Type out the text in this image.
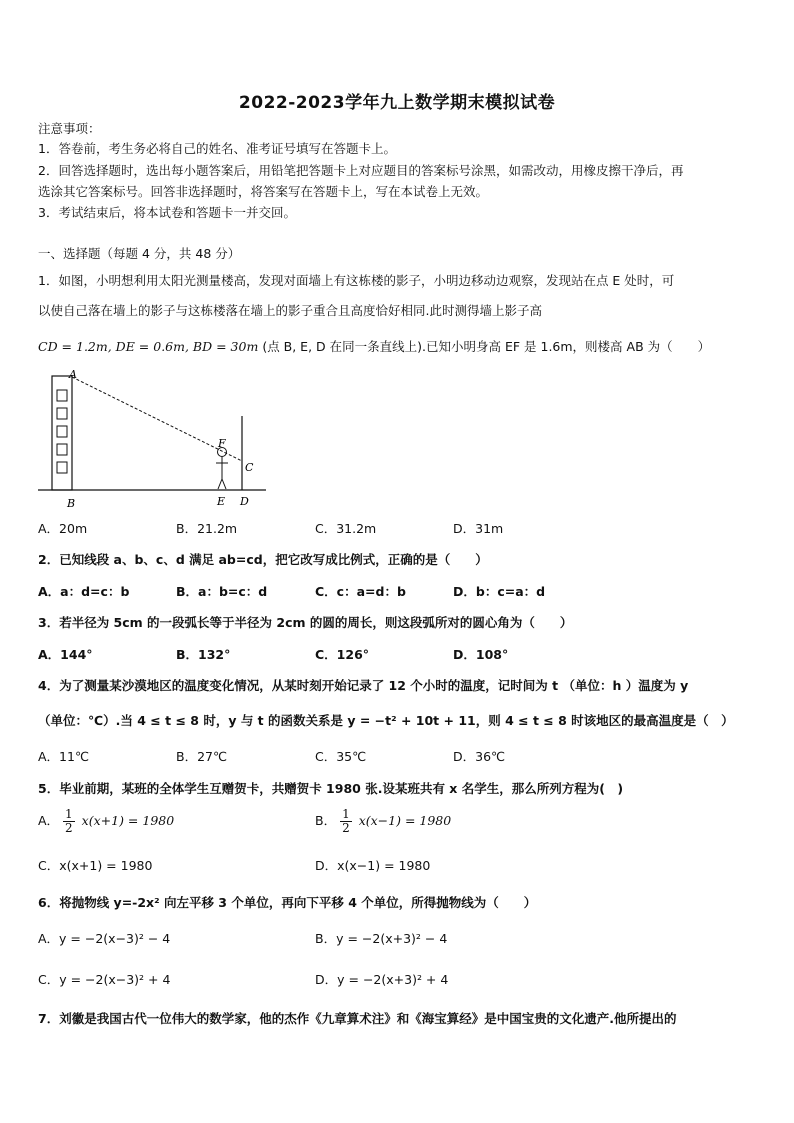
2022-2023学年九上数学期末模拟试卷
注意事项：
1．答卷前，考生务必将自己的姓名、准考证号填写在答题卡上。
2．回答选择题时，选出每小题答案后，用铅笔把答题卡上对应题目的答案标号涂黑，如需改动，用橡皮擦干净后，再
选涂其它答案标号。回答非选择题时，将答案写在答题卡上，写在本试卷上无效。
3．考试结束后，将本试卷和答题卡一并交回。
一、选择题（每题 4 分，共 48 分）
1．如图，小明想利用太阳光测量楼高，发现对面墙上有这栋楼的影子，小明边移动边观察，发现站在点 E 处时，可
以使自己落在墙上的影子与这栋楼落在墙上的影子重合且高度恰好相同.此时测得墙上影子高
CD = 1.2m, DE = 0.6m, BD = 30m (点 B, E, D 在同一条直线上).已知小明身高 EF 是 1.6m，则楼高 AB 为（　　）
A
B
C
D
E
F
A．20m	B．21.2m	C．31.2m	D．31m
2．已知线段 a、b、c、d 满足 ab=cd，把它改写成比例式，正确的是（　　）
A．a：d=c：b	B．a：b=c：d	C．c：a=d：b	D．b：c=a：d
3．若半径为 5cm 的一段弧长等于半径为 2cm 的圆的周长，则这段弧所对的圆心角为（　　）
A．144°	B．132°	C．126°	D．108°
4．为了测量某沙漠地区的温度变化情况，从某时刻开始记录了 12 个小时的温度，记时间为 t （单位：h ）温度为 y
（单位：℃）.当 4 ≤ t ≤ 8 时，y 与 t 的函数关系是 y = −t² + 10t + 11，则 4 ≤ t ≤ 8 时该地区的最高温度是（　）
A．11℃	B．27℃	C．35℃	D．36℃
5．毕业前期，某班的全体学生互赠贺卡，共赠贺卡 1980 张.设某班共有 x 名学生，那么所列方程为(　)
A． $\frac{1}{2} x(x+1) = 1980$	B． $\frac{1}{2} x(x-1) = 1980$
C．x(x+1) = 1980	D．x(x−1) = 1980
6．将抛物线 y=-2x² 向左平移 3 个单位，再向下平移 4 个单位，所得抛物线为（　　）
A．y = −2(x−3)² − 4	B．y = −2(x+3)² − 4
C．y = −2(x−3)² + 4	D．y = −2(x+3)² + 4
7．刘徽是我国古代一位伟大的数学家，他的杰作《九章算术注》和《海宝算经》是中国宝贵的文化遗产.他所提出的
